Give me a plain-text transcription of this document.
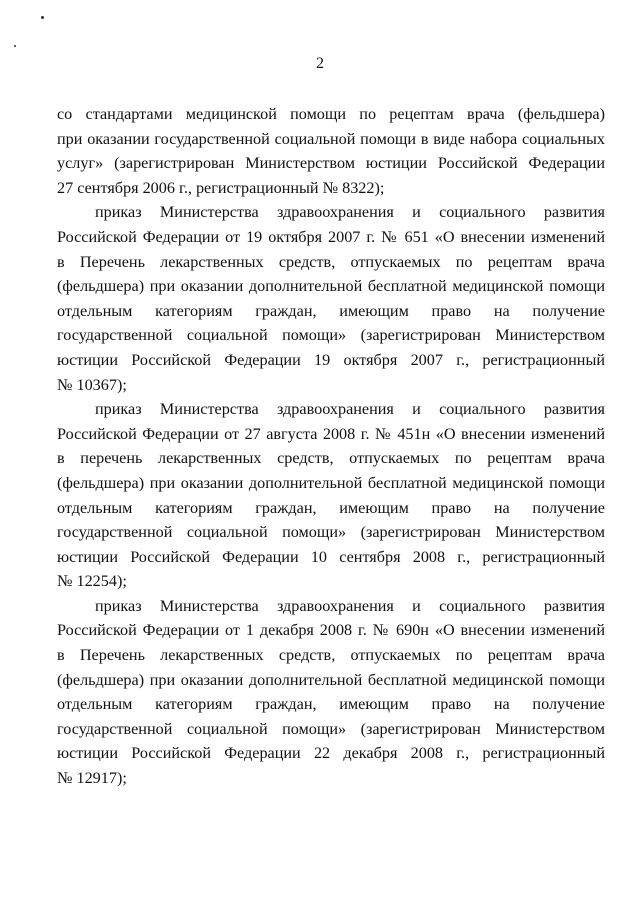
2

со стандартами медицинской помощи по рецептам врача (фельдшера)
при оказании государственной социальной помощи в виде набора социальных
услуг» (зарегистрирован Министерством юстиции Российской Федерации
27 сентября 2006 г., регистрационный № 8322);

приказ Министерства здравоохранения и социального развития
Российской Федерации от 19 октября 2007 г. № 651 «О внесении изменений
в Перечень лекарственных средств, отпускаемых по рецептам врача
(фельдшера) при оказании дополнительной бесплатной медицинской помощи
отдельным категориям граждан, имеющим право на получение
государственной социальной помощи» (зарегистрирован Министерством
юстиции Российской Федерации 19 октября 2007 г., регистрационный
№ 10367);

приказ Министерства здравоохранения и социального развития
Российской Федерации от 27 августа 2008 г. № 451н «О внесении изменений
в перечень лекарственных средств, отпускаемых по рецептам врача
(фельдшера) при оказании дополнительной бесплатной медицинской помощи
отдельным категориям граждан, имеющим право на получение
государственной социальной помощи» (зарегистрирован Министерством
юстиции Российской Федерации 10 сентября 2008 г., регистрационный
№ 12254);

приказ Министерства здравоохранения и социального развития
Российской Федерации от 1 декабря 2008 г. № 690н «О внесении изменений
в Перечень лекарственных средств, отпускаемых по рецептам врача
(фельдшера) при оказании дополнительной бесплатной медицинской помощи
отдельным категориям граждан, имеющим право на получение
государственной социальной помощи» (зарегистрирован Министерством
юстиции Российской Федерации 22 декабря 2008 г., регистрационный
№ 12917);
